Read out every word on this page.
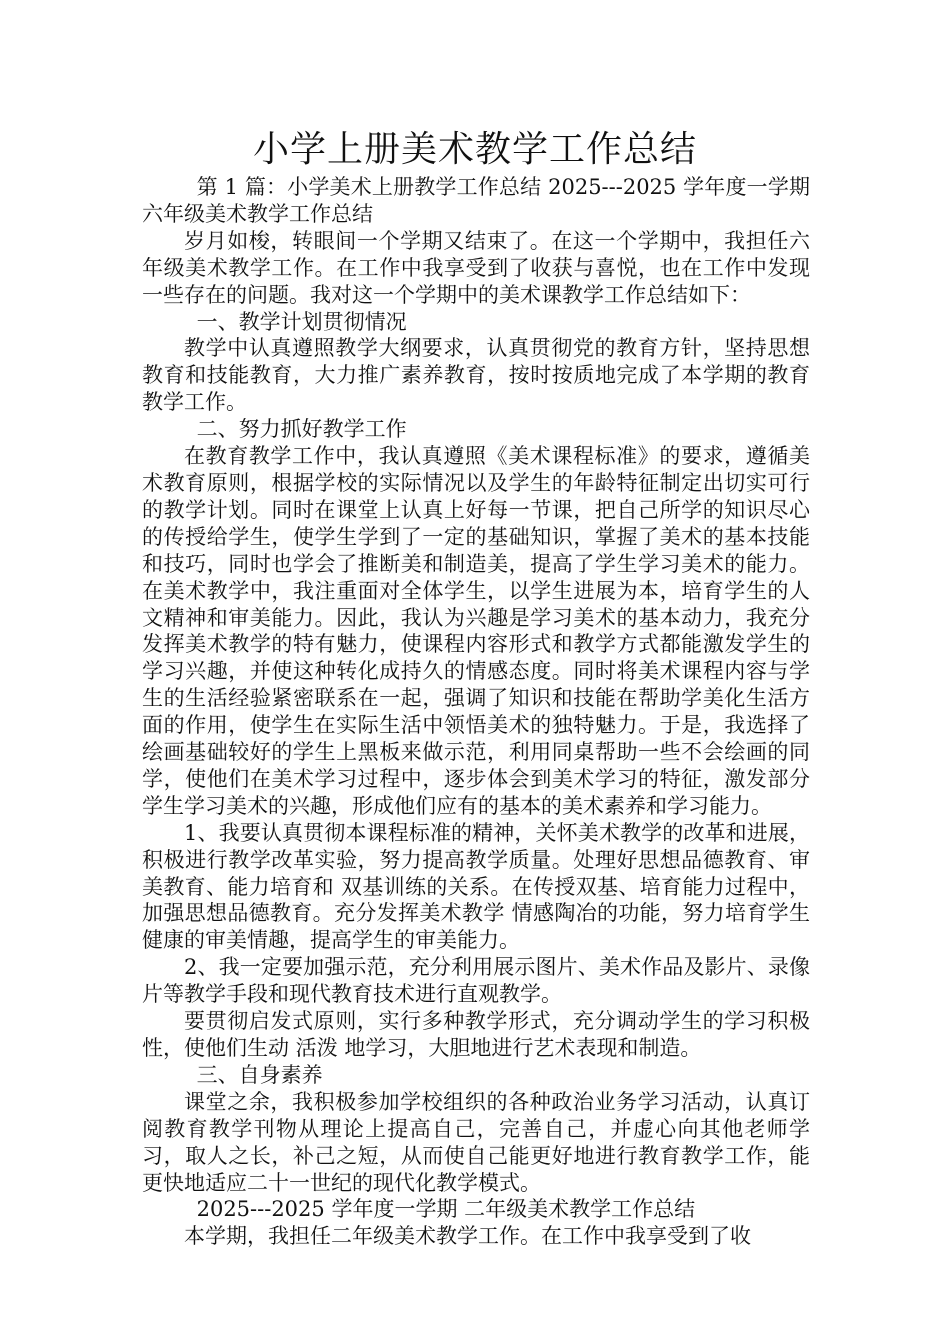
小学上册美术教学工作总结

第 1 篇：小学美术上册教学工作总结 2025---2025 学年度一学期 六年级美术教学工作总结

岁月如梭，转眼间一个学期又结束了。在这一个学期中，我担任六年级美术教学工作。在工作中我享受到了收获与喜悦，也在工作中发现一些存在的问题。我对这一个学期中的美术课教学工作总结如下：

一、教学计划贯彻情况

教学中认真遵照教学大纲要求，认真贯彻党的教育方针，坚持思想教育和技能教育，大力推广素养教育，按时按质地完成了本学期的教育教学工作。

二、努力抓好教学工作

在教育教学工作中，我认真遵照《美术课程标准》的要求，遵循美术教育原则，根据学校的实际情况以及学生的年龄特征制定出切实可行的教学计划。同时在课堂上认真上好每一节课，把自己所学的知识尽心的传授给学生，使学生学到了一定的基础知识，掌握了美术的基本技能和技巧，同时也学会了推断美和制造美，提高了学生学习美术的能力。在美术教学中，我注重面对全体学生，以学生进展为本，培育学生的人文精神和审美能力。因此，我认为兴趣是学习美术的基本动力，我充分发挥美术教学的特有魅力，使课程内容形式和教学方式都能激发学生的学习兴趣，并使这种转化成持久的情感态度。同时将美术课程内容与学生的生活经验紧密联系在一起，强调了知识和技能在帮助学美化生活方面的作用，使学生在实际生活中领悟美术的独特魅力。于是，我选择了绘画基础较好的学生上黑板来做示范，利用同桌帮助一些不会绘画的同学，使他们在美术学习过程中，逐步体会到美术学习的特征，激发部分学生学习美术的兴趣，形成他们应有的基本的美术素养和学习能力。

1、我要认真贯彻本课程标准的精神，关怀美术教学的改革和进展，积极进行教学改革实验，努力提高教学质量。处理好思想品德教育、审美教育、能力培育和 双基训练的关系。在传授双基、培育能力过程中，加强思想品德教育。充分发挥美术教学 情感陶冶的功能，努力培育学生健康的审美情趣，提高学生的审美能力。

2、我一定要加强示范，充分利用展示图片、美术作品及影片、录像片等教学手段和现代教育技术进行直观教学。

要贯彻启发式原则，实行多种教学形式，充分调动学生的学习积极性，使他们生动 活泼 地学习，大胆地进行艺术表现和制造。

三、自身素养

课堂之余，我积极参加学校组织的各种政治业务学习活动，认真订阅教育教学刊物从理论上提高自己，完善自己，并虚心向其他老师学习，取人之长，补己之短，从而使自己能更好地进行教育教学工作，能更快地适应二十一世纪的现代化教学模式。

2025---2025 学年度一学期 二年级美术教学工作总结

本学期，我担任二年级美术教学工作。在工作中我享受到了收
